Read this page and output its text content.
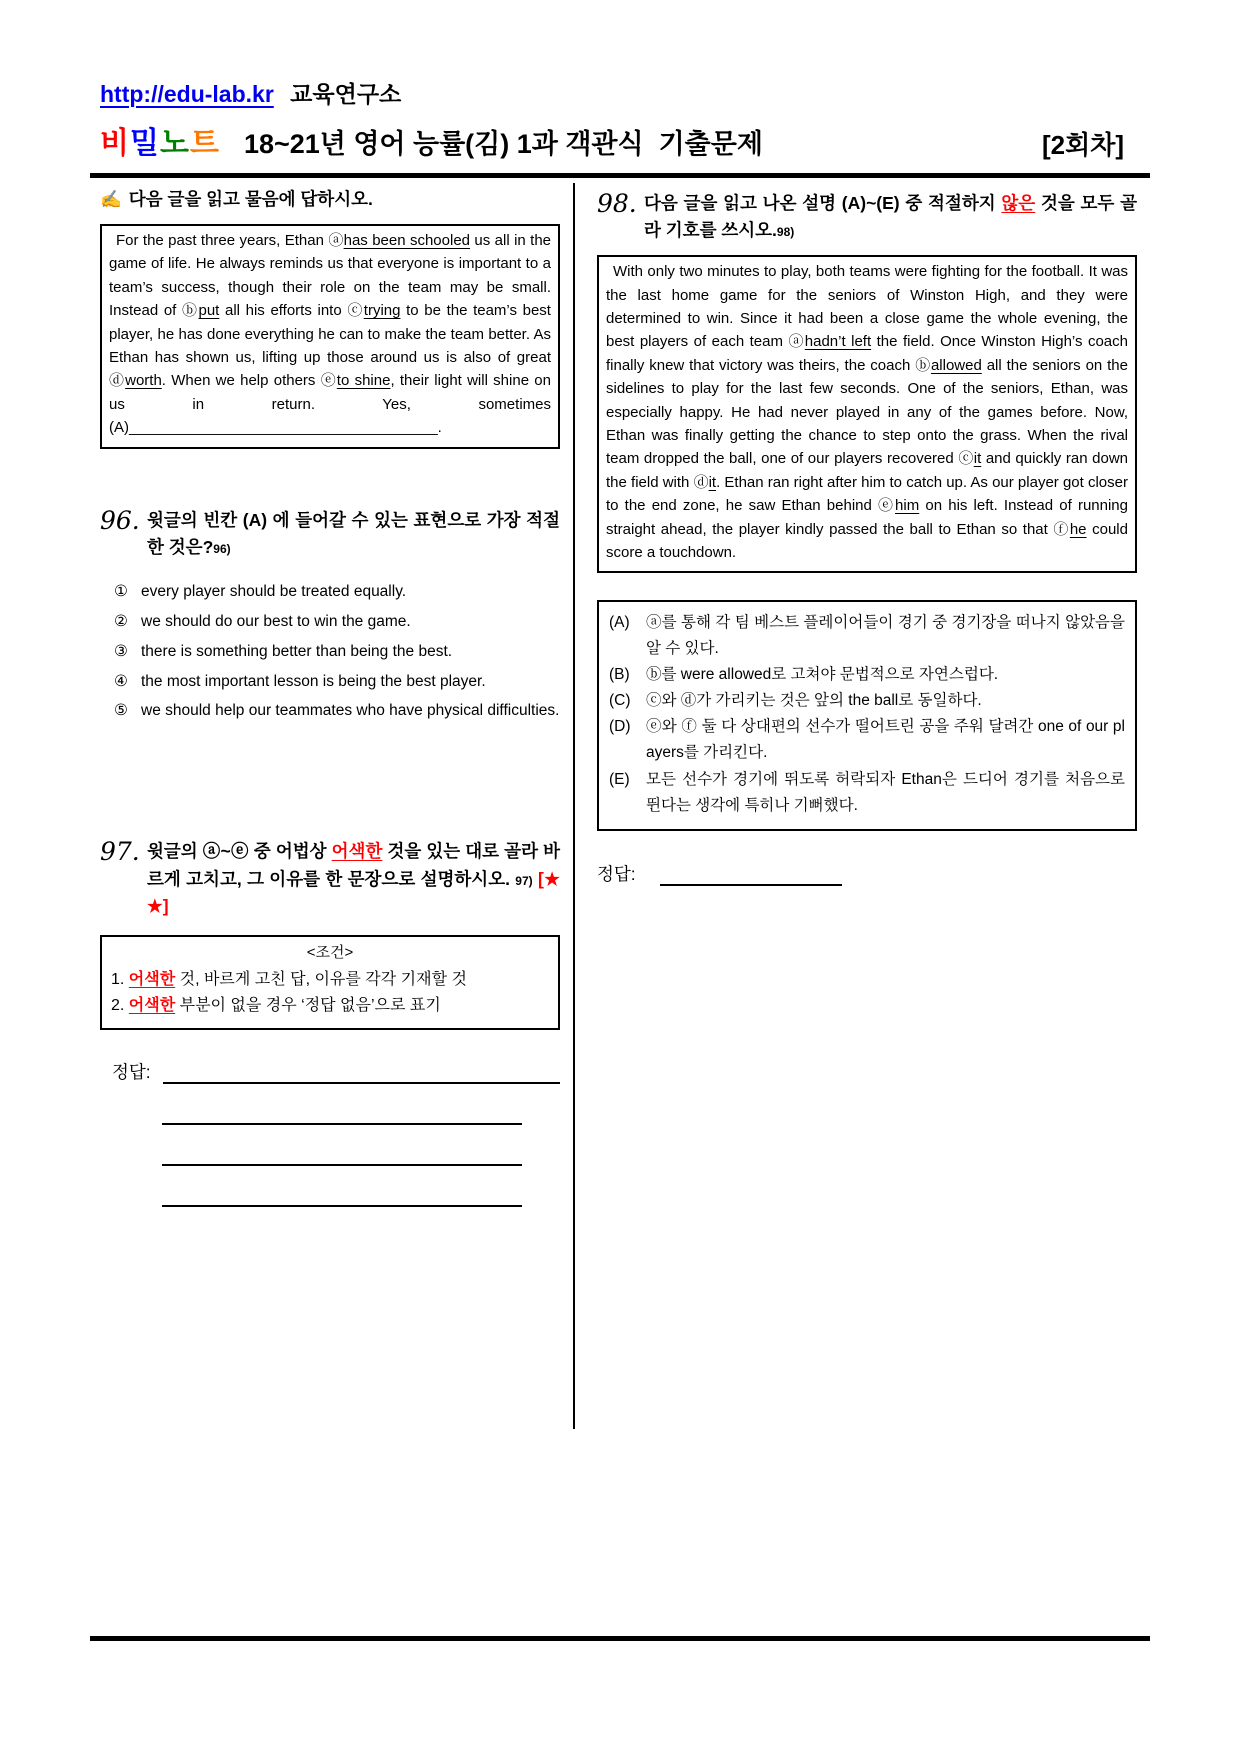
http://edu-lab.kr 교육연구소
비밀노트 18~21년 영어 능률(김) 1과 객관식  기출문제	[2회차]
✍ 다음 글을 읽고 물음에 답하시오.
For the past three years, Ethan ⓐhas been schooled us all in the game of life. He always reminds us that everyone is important to a team’s success, though their role on the team may be small. Instead of ⓑput all his efforts into ⓒtrying to be the team’s best player, he has done everything he can to make the team better. As Ethan has shown us, lifting up those around us is also of great ⓓworth. When we help others ⓔto shine, their light will shine on us in return. Yes, sometimes (A)_____________________________________.
96. 윗글의 빈칸 (A) 에 들어갈 수 있는 표현으로 가장 적절한 것은?96)
① every player should be treated equally.
② we should do our best to win the game.
③ there is something better than being the best.
④ the most important lesson is being the best player.
⑤ we should help our teammates who have physical difficulties.
97. 윗글의 ⓐ~ⓔ 중 어법상 어색한 것을 있는 대로 골라 바르게 고치고, 그 이유를 한 문장으로 설명하시오. 97) [★★]
<조건>
1. 어색한 것, 바르게 고친 답, 이유를 각각 기재할 것
2. 어색한 부분이 없을 경우 ‘정답 없음’으로 표기
정답:
98. 다음 글을 읽고 나온 설명 (A)~(E) 중 적절하지 않은 것을 모두 골라 기호를 쓰시오.98)
With only two minutes to play, both teams were fighting for the football. It was the last home game for the seniors of Winston High, and they were determined to win. Since it had been a close game the whole evening, the best players of each team ⓐhadn’t left the field. Once Winston High’s coach finally knew that victory was theirs, the coach ⓑallowed all the seniors on the sidelines to play for the last few seconds. One of the seniors, Ethan, was especially happy. He had never played in any of the games before. Now, Ethan was finally getting the chance to step onto the grass. When the rival team dropped the ball, one of our players recovered ⓒit and quickly ran down the field with ⓓit. Ethan ran right after him to catch up. As our player got closer to the end zone, he saw Ethan behind ⓔhim on his left. Instead of running straight ahead, the player kindly passed the ball to Ethan so that ⓕhe could score a touchdown.
(A)	ⓐ를 통해 각 팀 베스트 플레이어들이 경기 중 경기장을 떠나지 않았음을 알 수 있다.
(B)	ⓑ를 were allowed로 고쳐야 문법적으로 자연스럽다.
(C) ⓒ와 ⓓ가 가리키는 것은 앞의 the ball로 동일하다.
(D) ⓔ와 ⓕ 둘 다 상대편의 선수가 떨어트린 공을 주워 달려간 one of our players를 가리킨다.
(E)	모든 선수가 경기에 뛰도록 허락되자 Ethan은 드디어 경기를 처음으로 뛴다는 생각에 특히나 기뻐했다.
정답:
